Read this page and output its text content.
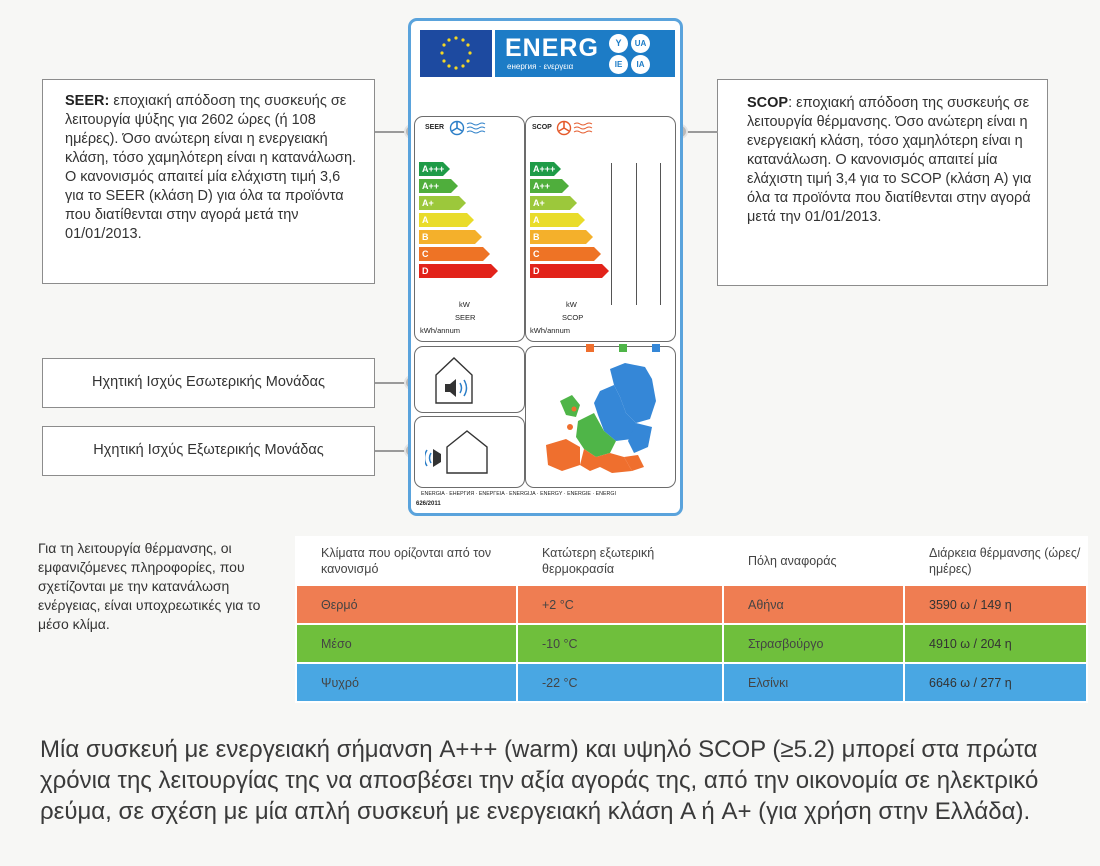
SEER: εποχιακή απόδοση της συσκευής σε λειτουργία ψύξης για 2602 ώρες (ή 108 ημέρες). Όσο ανώτερη είναι η ενεργειακή κλάση, τόσο χαμηλότερη είναι η κατανάλωση. Ο κανονισμός απαιτεί μία ελάχιστη τιμή 3,6 για το SEER (κλάση D) για όλα τα προϊόντα που διατίθενται στην αγορά μετά την 01/01/2013.
SCOP: εποχιακή απόδοση της συσκευής σε λειτουργία θέρμανσης. Όσο ανώτερη είναι η ενεργειακή κλάση, τόσο χαμηλότερη είναι η κατανάλωση. Ο κανονισμός απαιτεί μία ελάχιστη τιμή 3,4 για το SCOP (κλάση A) για όλα τα προϊόντα που διατίθενται στην αγορά μετά την 01/01/2013.
Ηχητική Ισχύς Εσωτερικής Μονάδας
Ηχητική Ισχύς Εξωτερικής Μονάδας
ENERG
енергия · ενεργεια
Y	UA
IE	IA
SEER
A+++
A++
A+
A
B
C
D
kW
SEER
kWh/annum
SCOP
A+++
A++
A+
A
B
C
D
kW
SCOP
kWh/annum
ENERGIA · ЕНЕРГИЯ · ΕΝΕΡΓΕΙΑ · ENERGIJA · ENERGY · ENERGIE · ENERGI
626/2011
Για τη λειτουργία θέρμανσης, οι εμφανιζόμενες πληροφορίες, που σχετίζονται με την κατανάλωση ενέργειας, είναι υποχρεωτικές για το μέσο κλίμα.
Κλίματα που ορίζονται από τον κανονισμό	Κατώτερη εξωτερική θερμοκρασία	Πόλη αναφοράς	Διάρκεια θέρμανσης (ώρες/ημέρες)
Θερμό	+2 °C	Αθήνα	3590 ω / 149 η
Μέσο	-10 °C	Στρασβούργο	4910 ω / 204 η
Ψυχρό	-22 °C	Ελσίνκι	6646 ω / 277 η
Μία συσκευή με ενεργειακή σήμανση A+++ (warm) και υψηλό SCOP (≥5.2) μπορεί στα πρώτα χρόνια της λειτουργίας της να αποσβέσει την αξία αγοράς της, από την οικονομία σε ηλεκτρικό ρεύμα, σε σχέση με μία απλή συσκευή με ενεργειακή κλάση A ή A+ (για χρήση στην Ελλάδα).
